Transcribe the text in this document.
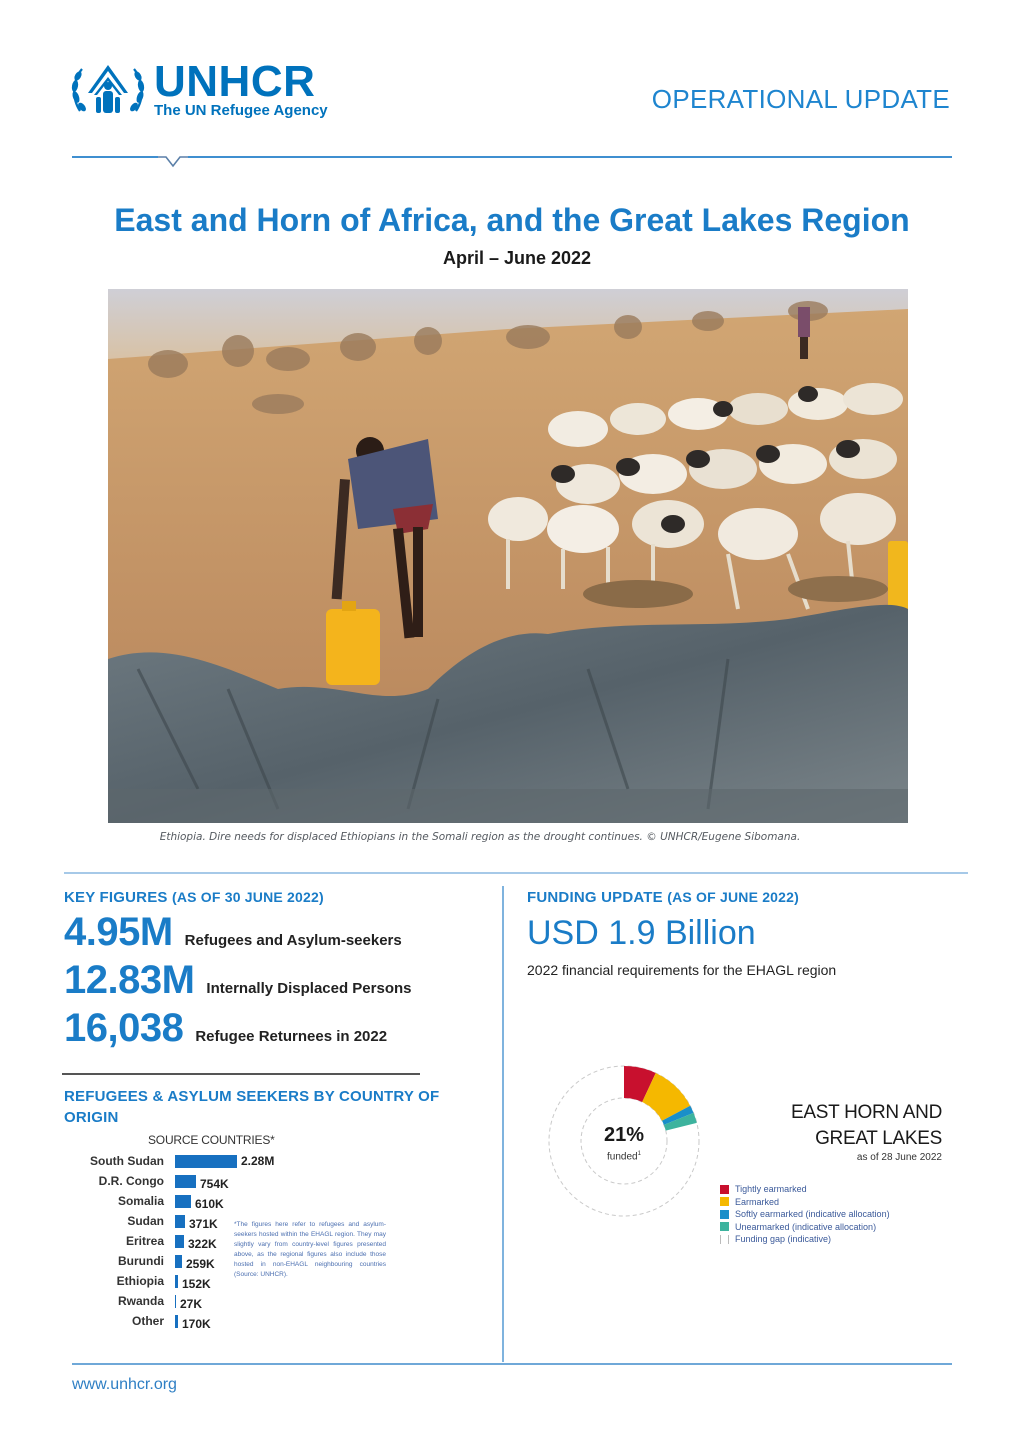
UNHCR
The UN Refugee Agency	OPERATIONAL UPDATE
East and Horn of Africa, and the Great Lakes Region
April – June 2022
Ethiopia. Dire needs for displaced Ethiopians in the Somali region as the drought continues. © UNHCR/Eugene Sibomana.
KEY FIGURES (AS OF 30 JUNE 2022)
4.95M Refugees and Asylum-seekers
12.83M Internally Displaced Persons
16,038 Refugee Returnees in 2022
REFUGEES & ASYLUM SEEKERS BY COUNTRY OF ORIGIN
SOURCE COUNTRIES*
South Sudan	2.28M
D.R. Congo	754K
Somalia	610K
Sudan 371K
Eritrea 322K
Burundi 259K
Ethiopia 152K
Rwanda 27K
Other 170K
*The figures here refer to refugees and asylum-seekers hosted within the EHAGL region. They may slightly vary from country-level figures presented above, as the regional figures also include those hosted in non-EHAGL neighbouring countries (Source: UNHCR).
FUNDING UPDATE (AS OF JUNE 2022)
USD 1.9 Billion
2022 financial requirements for the EHAGL region
21%
funded$^1$
EAST HORN AND
GREAT LAKES
as of 28 June 2022
Tightly earmarked
Earmarked
Softly earmarked (indicative allocation)
Unearmarked (indicative allocation)
Funding gap (indicative)
www.unhcr.org
